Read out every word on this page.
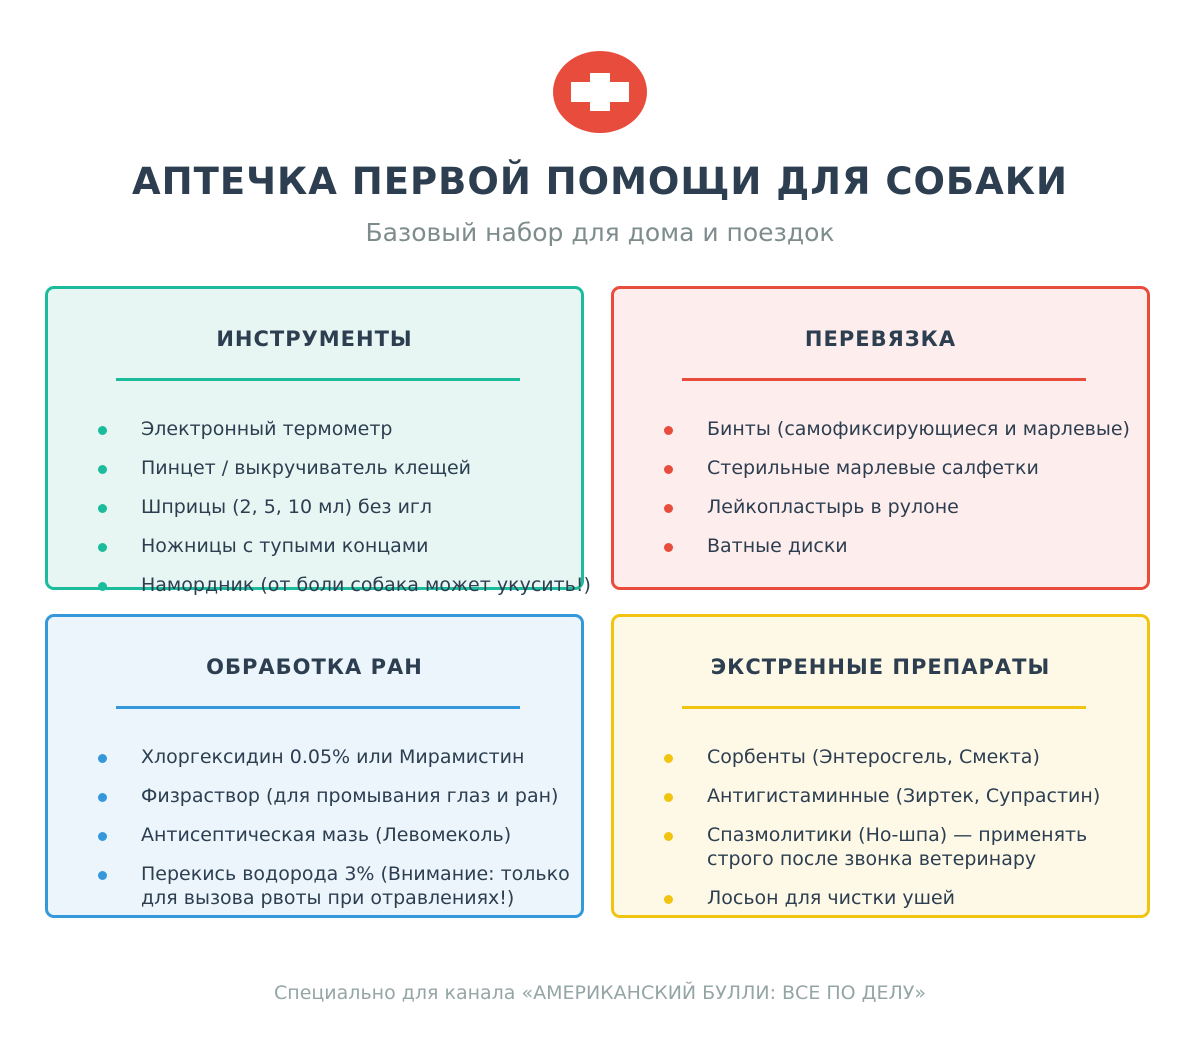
АПТЕЧКА ПЕРВОЙ ПОМОЩИ ДЛЯ СОБАКИ

Базовый набор для дома и поездок

ИНСТРУМЕНТЫ
Электронный термометр
Пинцет / выкручиватель клещей
Шприцы (2, 5, 10 мл) без игл
Ножницы с тупыми концами
Намордник (от боли собака может укусить!)
ПЕРЕВЯЗКА
Бинты (самофиксирующиеся и марлевые)
Стерильные марлевые салфетки
Лейкопластырь в рулоне
Ватные диски
ОБРАБОТКА РАН
Хлоргексидин 0.05% или Мирамистин
Физраствор (для промывания глаз и ран)
Антисептическая мазь (Левомеколь)
Перекись водорода 3% (Внимание: только
для вызова рвоты при отравлениях!)
ЭКСТРЕННЫЕ ПРЕПАРАТЫ
Сорбенты (Энтеросгель, Смекта)
Антигистаминные (Зиртек, Супрастин)
Спазмолитики (Но-шпа) — применять
строго после звонка ветеринару
Лосьон для чистки ушей
Специально для канала «АМЕРИКАНСКИЙ БУЛЛИ: ВСЕ ПО ДЕЛУ»
